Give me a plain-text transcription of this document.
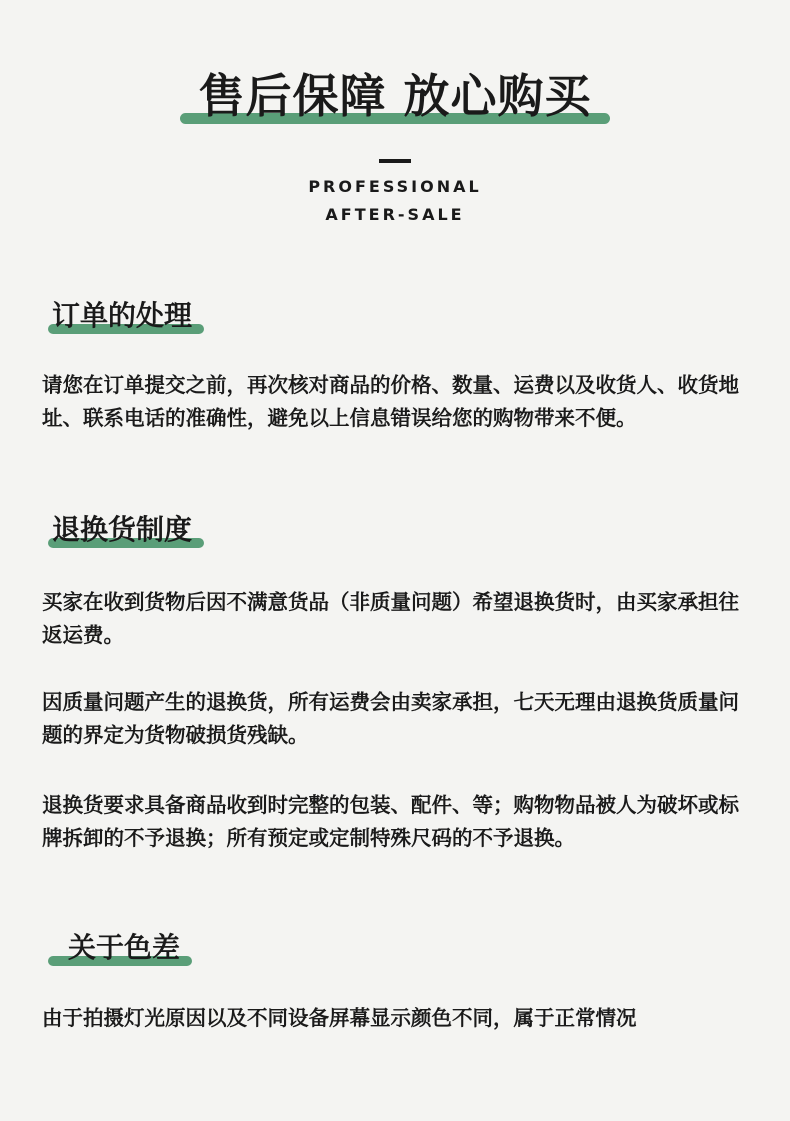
售后保障 放心购买
PROFESSIONAL
AFTER-SALE
订单的处理

请您在订单提交之前，再次核对商品的价格、数量、运费以及收货人、收货地址、联系电话的准确性，避免以上信息错误给您的购物带来不便。

退换货制度

买家在收到货物后因不满意货品（非质量问题）希望退换货时，由买家承担往返运费。

因质量问题产生的退换货，所有运费会由卖家承担，七天无理由退换货质量问题的界定为货物破损货残缺。

退换货要求具备商品收到时完整的包装、配件、等；购物物品被人为破坏或标牌拆卸的不予退换；所有预定或定制特殊尺码的不予退换。

关于色差

由于拍摄灯光原因以及不同设备屏幕显示颜色不同，属于正常情况
